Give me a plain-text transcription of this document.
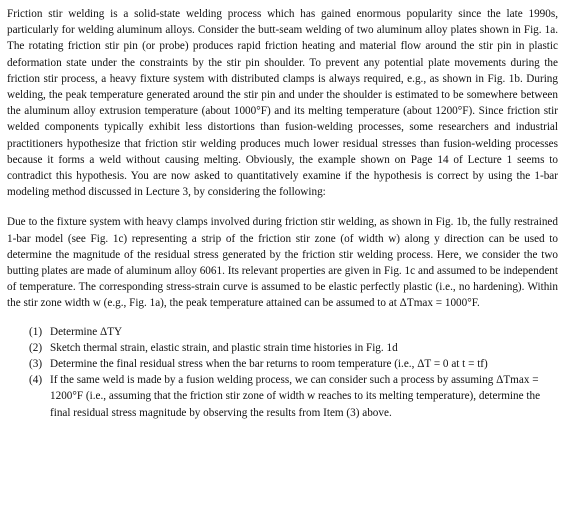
Friction stir welding is a solid-state welding process which has gained enormous popularity since the late 1990s, particularly for welding aluminum alloys. Consider the butt-seam welding of two aluminum alloy plates shown in Fig. 1a. The rotating friction stir pin (or probe) produces rapid friction heating and material flow around the stir pin in plastic deformation state under the constraints by the stir pin shoulder. To prevent any potential plate movements during the friction stir process, a heavy fixture system with distributed clamps is always required, e.g., as shown in Fig. 1b. During welding, the peak temperature generated around the stir pin and under the shoulder is estimated to be somewhere between the aluminum alloy extrusion temperature (about 1000°F) and its melting temperature (about 1200°F). Since friction stir welded components typically exhibit less distortions than fusion-welding processes, some researchers and industrial practitioners hypothesize that friction stir welding produces much lower residual stresses than fusion-welding processes because it forms a weld without causing melting. Obviously, the example shown on Page 14 of Lecture 1 seems to contradict this hypothesis. You are now asked to quantitatively examine if the hypothesis is correct by using the 1-bar modeling method discussed in Lecture 3, by considering the following:

Due to the fixture system with heavy clamps involved during friction stir welding, as shown in Fig. 1b, the fully restrained 1-bar model (see Fig. 1c) representing a strip of the friction stir zone (of width w) along y direction can be used to determine the magnitude of the residual stress generated by the friction stir welding process. Here, we consider the two butting plates are made of aluminum alloy 6061. Its relevant properties are given in Fig. 1c and assumed to be independent of temperature. The corresponding stress-strain curve is assumed to be elastic perfectly plastic (i.e., no hardening). Within the stir zone width w (e.g., Fig. 1a), the peak temperature attained can be assumed to at ΔTmax = 1000°F.

(1) Determine ΔTY
(2) Sketch thermal strain, elastic strain, and plastic strain time histories in Fig. 1d
(3) Determine the final residual stress when the bar returns to room temperature (i.e., ΔT = 0 at t = tf)
(4) If the same weld is made by a fusion welding process, we can consider such a process by assuming ΔTmax = 1200°F (i.e., assuming that the friction stir zone of width w reaches to its melting temperature), determine the final residual stress magnitude by observing the results from Item (3) above.
